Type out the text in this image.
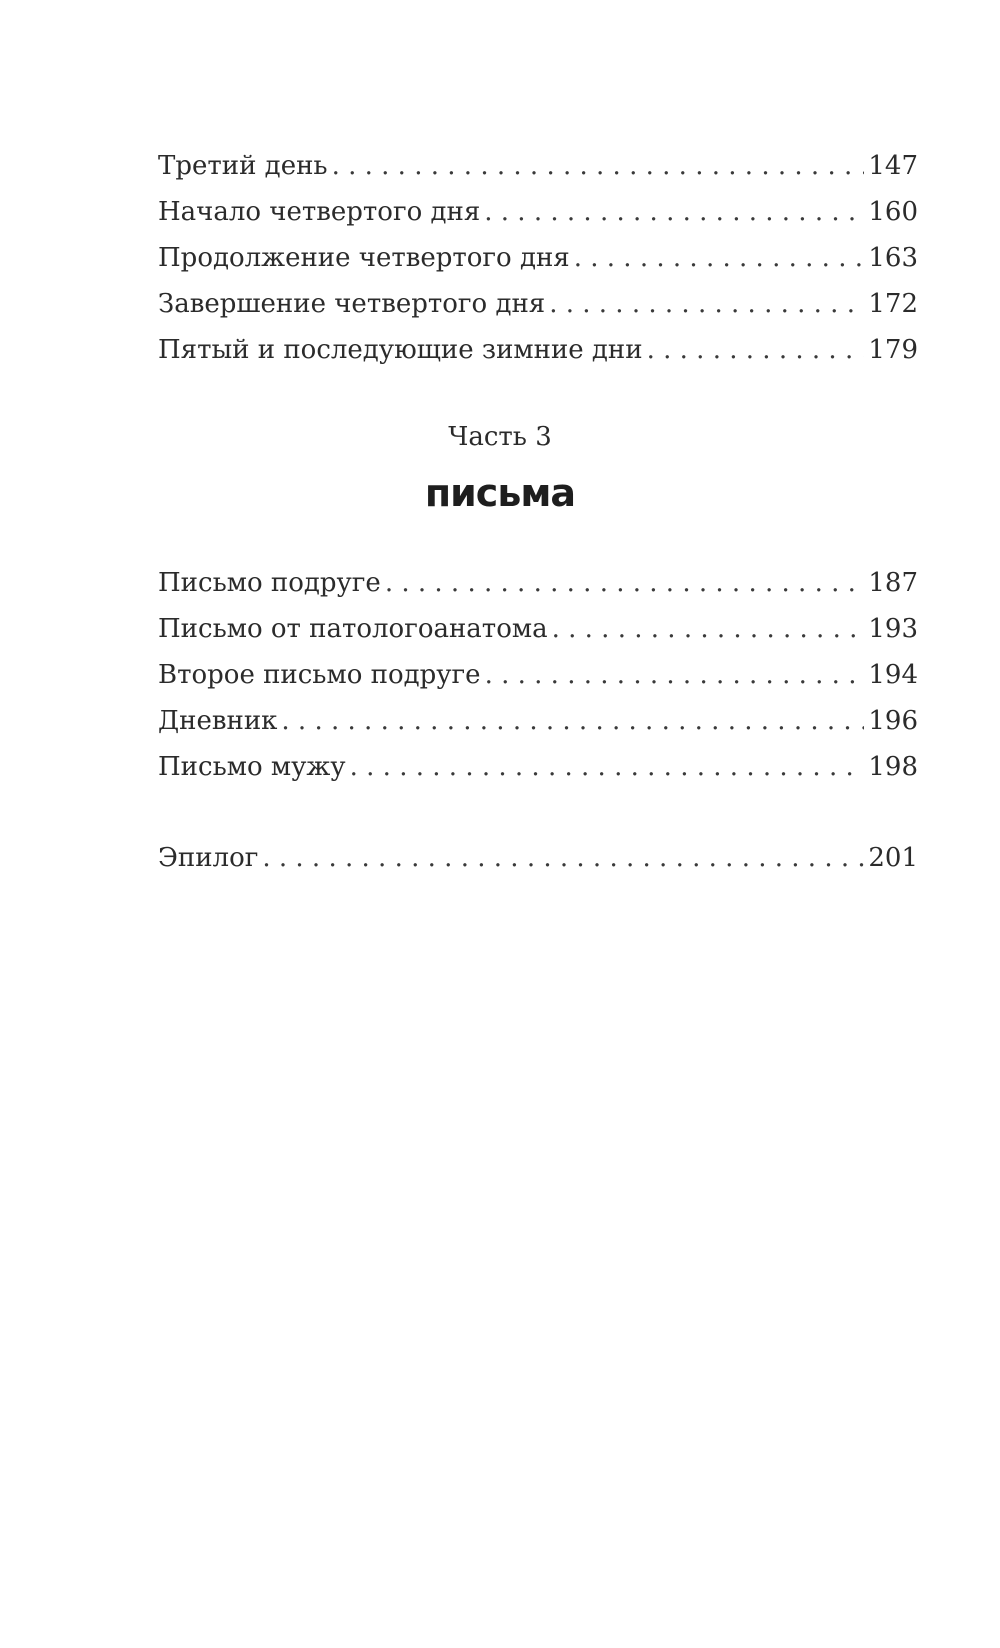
Третий день . . .	147
Начало четвертого дня . . .	160
Продолжение четвертого дня . . .	163
Завершение четвертого дня . . .	172
Пятый и последующие зимние дни . . .	179
Часть 3
письма
Письмо подруге . . .	187
Письмо от патологоанатома . . .	193
Второе письмо подруге . . .	194
Дневник . . .	196
Письмо мужу . . .	198
Эпилог . . .	201
